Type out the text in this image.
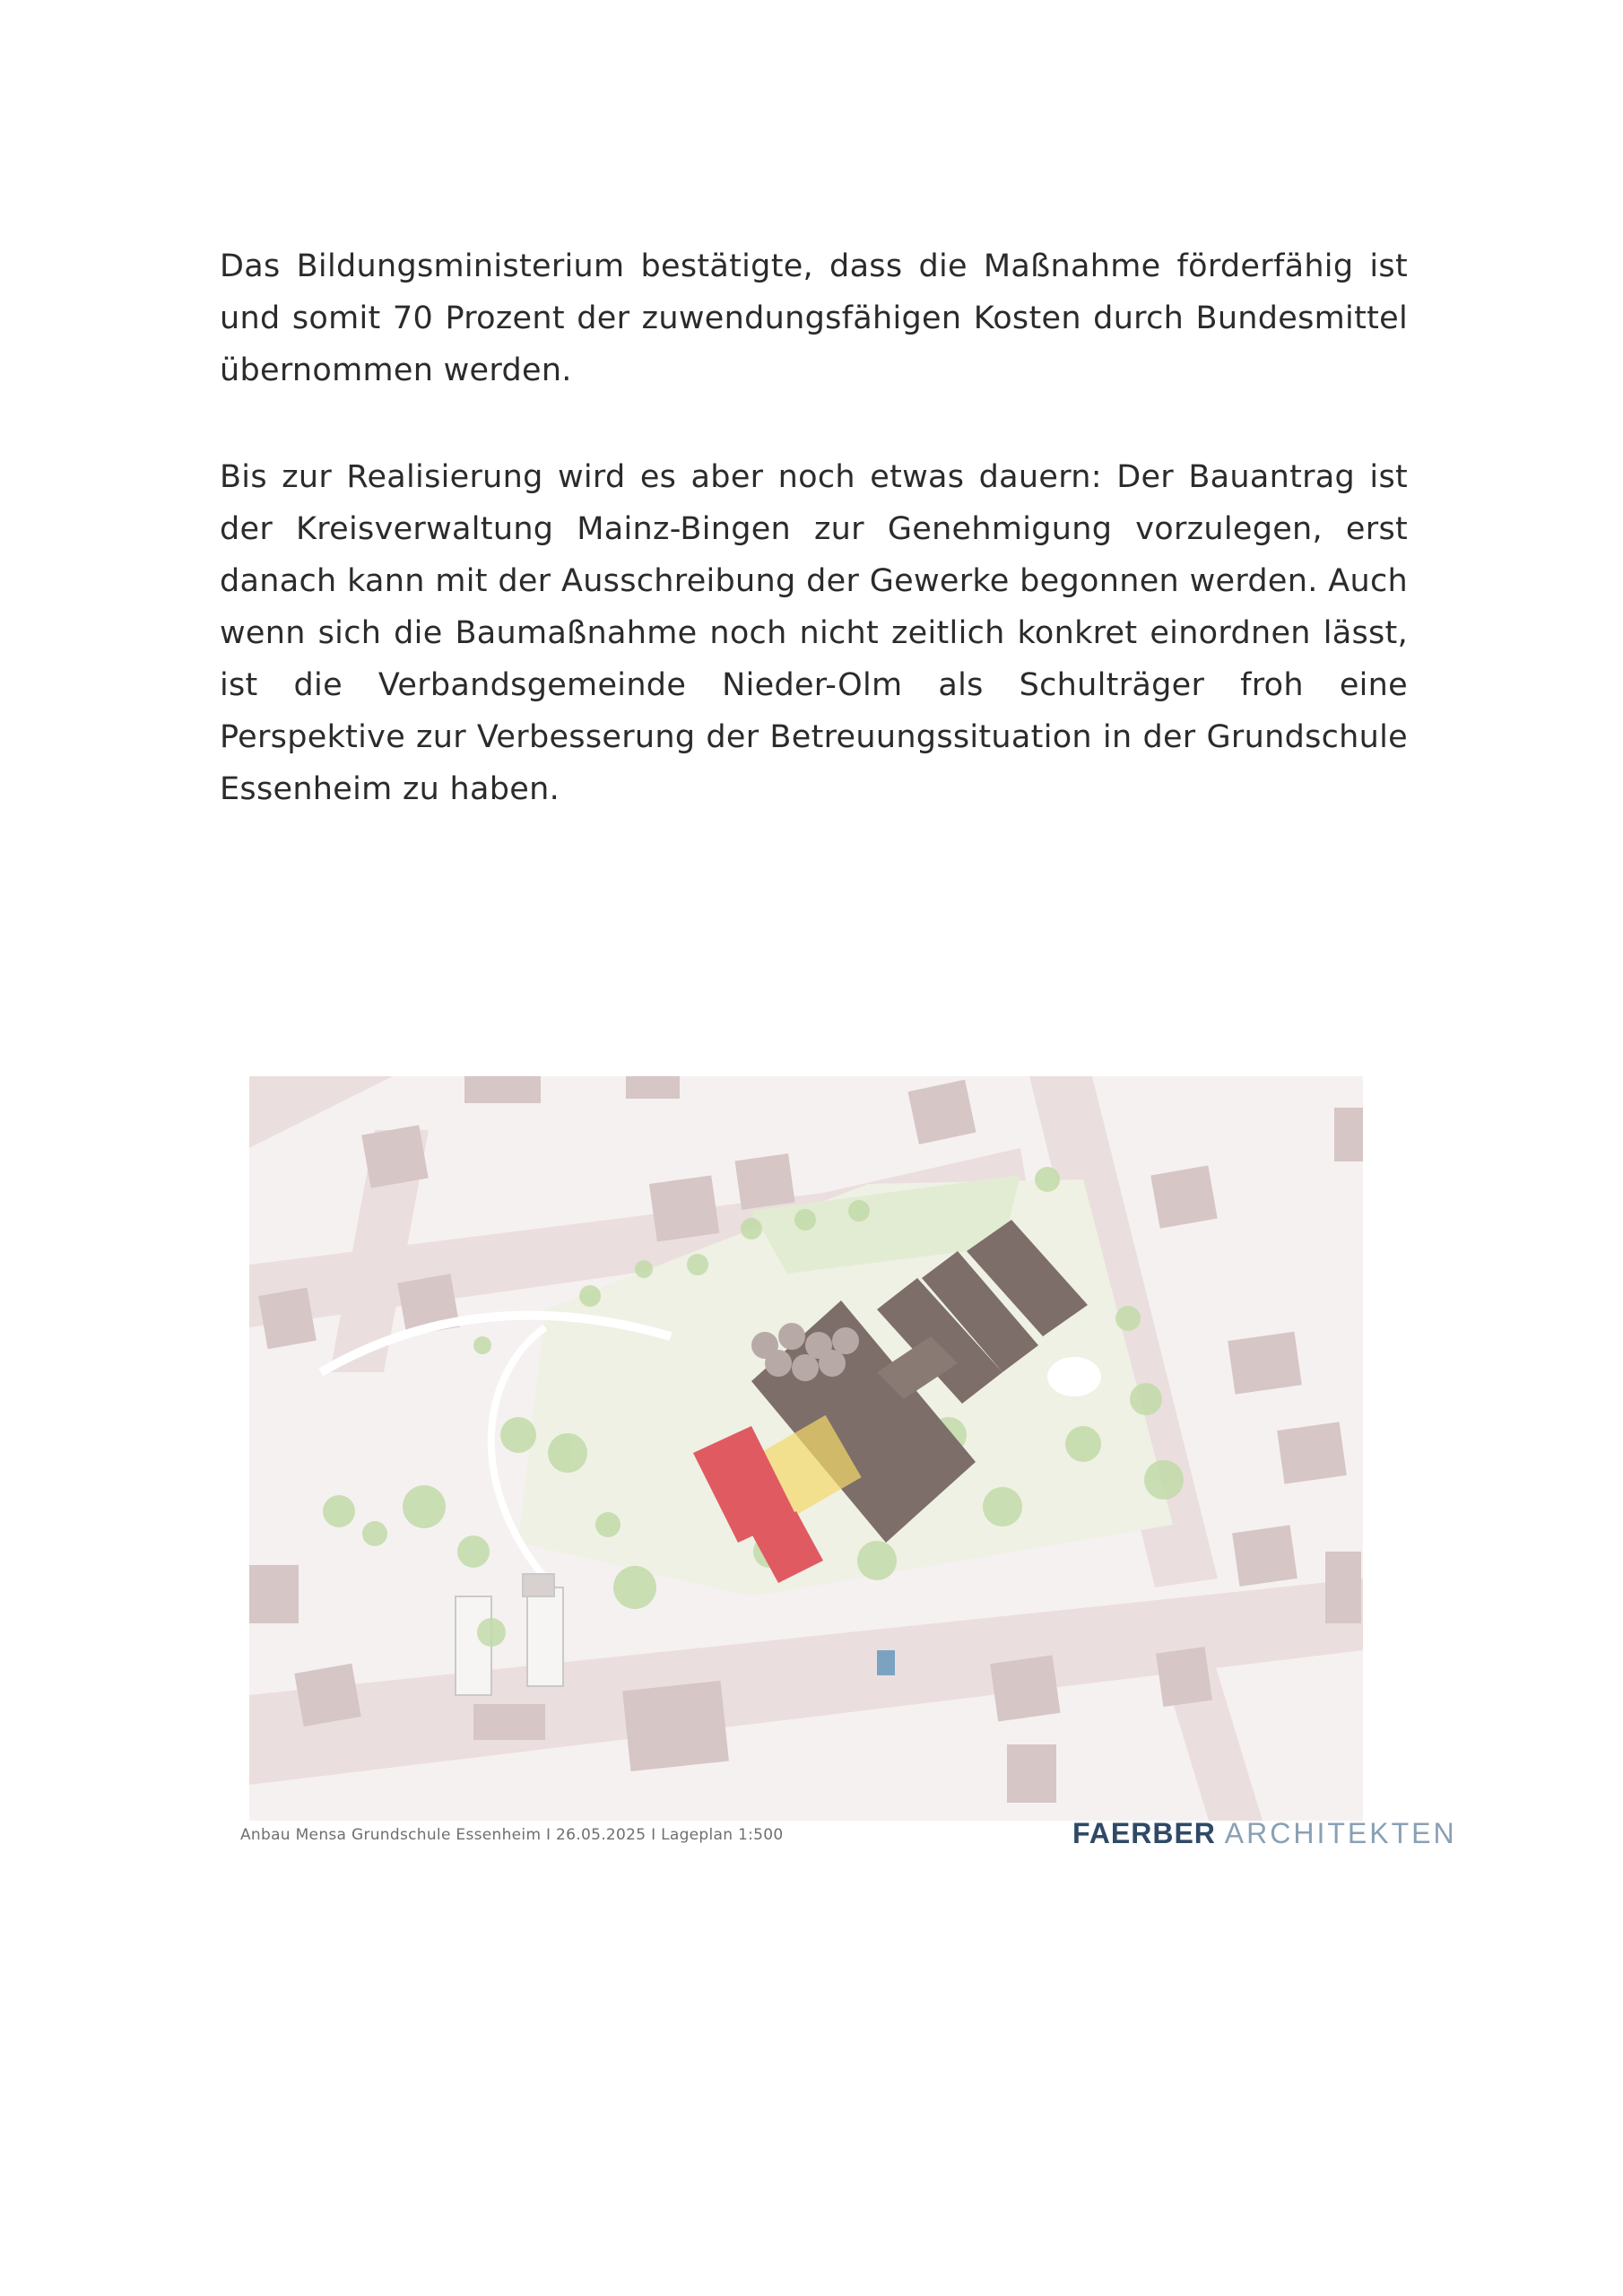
Das Bildungsministerium bestätigte, dass die Maßnahme förderfähig ist und somit 70 Prozent der zuwendungsfähigen Kosten durch Bundesmittel übernommen werden.

Bis zur Realisierung wird es aber noch etwas dauern: Der Bauantrag ist der Kreisverwaltung Mainz-Bingen zur Genehmigung vorzulegen, erst danach kann mit der Ausschreibung der Gewerke begonnen werden. Auch wenn sich die Baumaßnahme noch nicht zeitlich konkret einordnen lässt, ist die Verbandsgemeinde Nieder-Olm als Schulträger froh eine Perspektive zur Verbesserung der Betreuungssituation in der Grundschule Essenheim zu haben.

Anbau Mensa Grundschule Essenheim I 26.05.2025 I Lageplan 1:500	FAERBER ARCHITEKTEN
